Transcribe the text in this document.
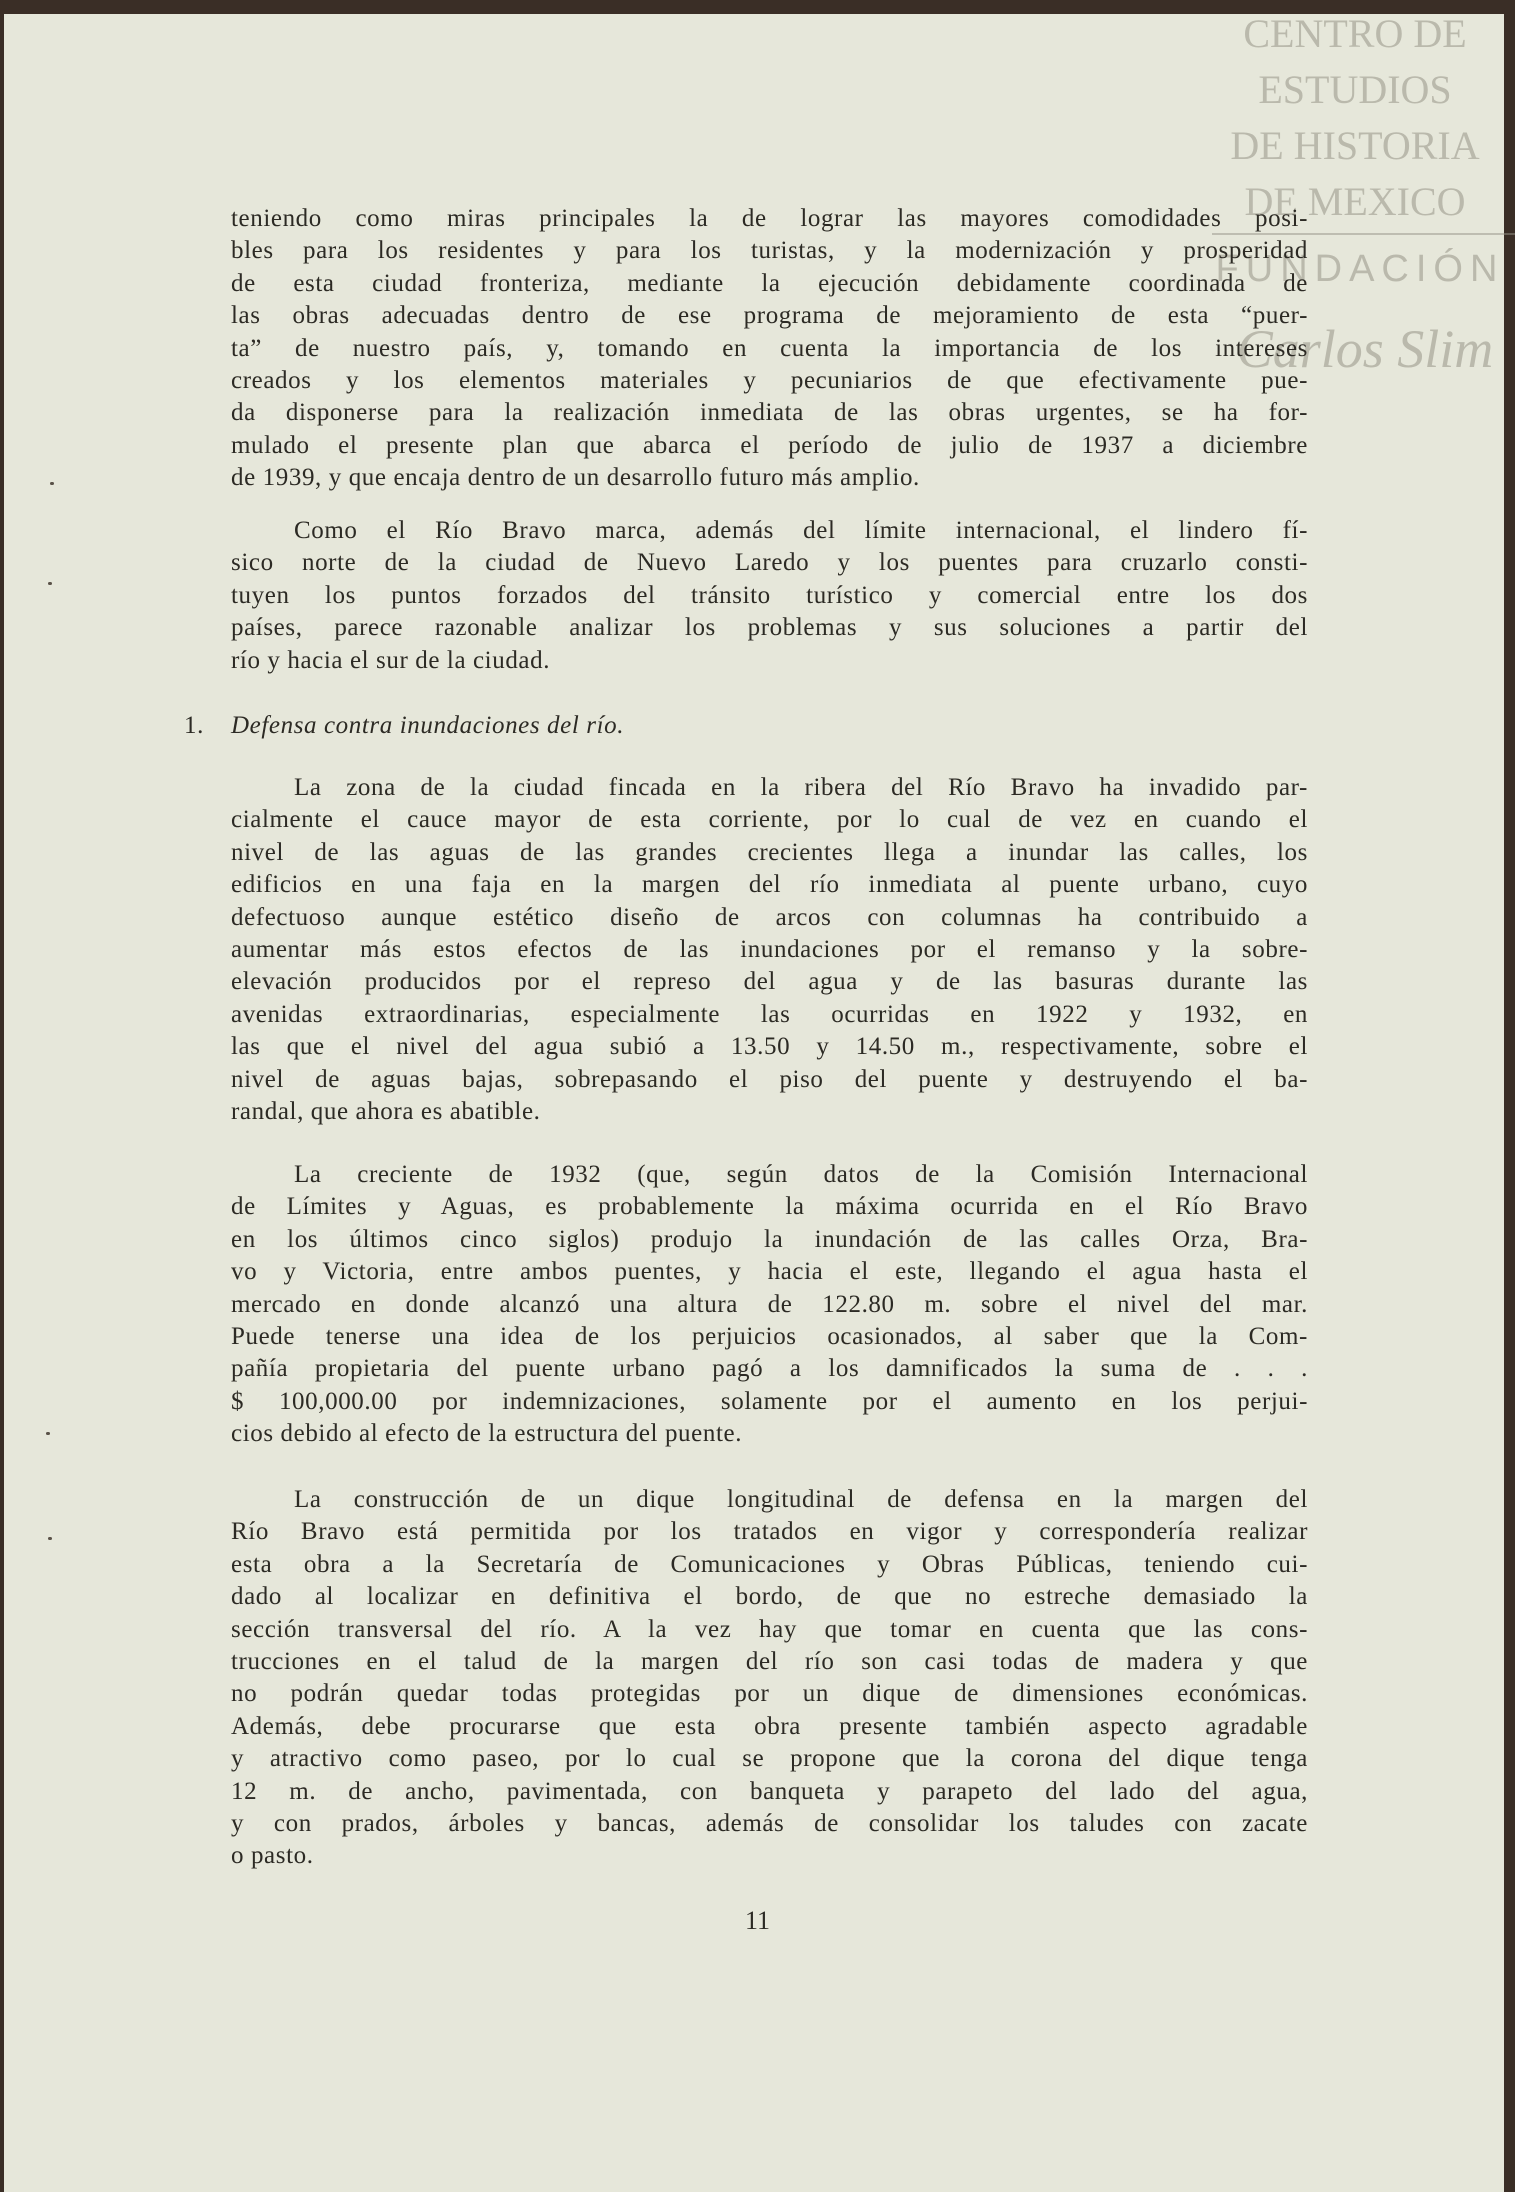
CENTRO DE
ESTUDIOS
DE HISTORIA
DE MEXICO
FUNDACIÓN
Carlos Slim
teniendo como miras principales la de lograr las mayores comodidades posi-
bles para los residentes y para los turistas, y la modernización y prosperidad
de esta ciudad fronteriza, mediante la ejecución debidamente coordinada de
las obras adecuadas dentro de ese programa de mejoramiento de esta “puer-
ta” de nuestro país, y, tomando en cuenta la importancia de los intereses
creados y los elementos materiales y pecuniarios de que efectivamente pue-
da disponerse para la realización inmediata de las obras urgentes, se ha for-
mulado el presente plan que abarca el período de julio de 1937 a diciembre
de 1939, y que encaja dentro de un desarrollo futuro más amplio.
Como el Río Bravo marca, además del límite internacional, el lindero fí-
sico norte de la ciudad de Nuevo Laredo y los puentes para cruzarlo consti-
tuyen los puntos forzados del tránsito turístico y comercial entre los dos
países, parece razonable analizar los problemas y sus soluciones a partir del
río y hacia el sur de la ciudad.
1. Defensa contra inundaciones del río.
La zona de la ciudad fincada en la ribera del Río Bravo ha invadido par-
cialmente el cauce mayor de esta corriente, por lo cual de vez en cuando el
nivel de las aguas de las grandes crecientes llega a inundar las calles, los
edificios en una faja en la margen del río inmediata al puente urbano, cuyo
defectuoso aunque estético diseño de arcos con columnas ha contribuido a
aumentar más estos efectos de las inundaciones por el remanso y la sobre-
elevación producidos por el represo del agua y de las basuras durante las
avenidas extraordinarias, especialmente las ocurridas en 1922 y 1932, en
las que el nivel del agua subió a 13.50 y 14.50 m., respectivamente, sobre el
nivel de aguas bajas, sobrepasando el piso del puente y destruyendo el ba-
randal, que ahora es abatible.
La creciente de 1932 (que, según datos de la Comisión Internacional
de Límites y Aguas, es probablemente la máxima ocurrida en el Río Bravo
en los últimos cinco siglos) produjo la inundación de las calles Orza, Bra-
vo y Victoria, entre ambos puentes, y hacia el este, llegando el agua hasta el
mercado en donde alcanzó una altura de 122.80 m. sobre el nivel del mar.
Puede tenerse una idea de los perjuicios ocasionados, al saber que la Com-
pañía propietaria del puente urbano pagó a los damnificados la suma de . . .
$ 100,000.00 por indemnizaciones, solamente por el aumento en los perjui-
cios debido al efecto de la estructura del puente.
La construcción de un dique longitudinal de defensa en la margen del
Río Bravo está permitida por los tratados en vigor y correspondería realizar
esta obra a la Secretaría de Comunicaciones y Obras Públicas, teniendo cui-
dado al localizar en definitiva el bordo, de que no estreche demasiado la
sección transversal del río. A la vez hay que tomar en cuenta que las cons-
trucciones en el talud de la margen del río son casi todas de madera y que
no podrán quedar todas protegidas por un dique de dimensiones económicas.
Además, debe procurarse que esta obra presente también aspecto agradable
y atractivo como paseo, por lo cual se propone que la corona del dique tenga
12 m. de ancho, pavimentada, con banqueta y parapeto del lado del agua,
y con prados, árboles y bancas, además de consolidar los taludes con zacate
o pasto.
11
